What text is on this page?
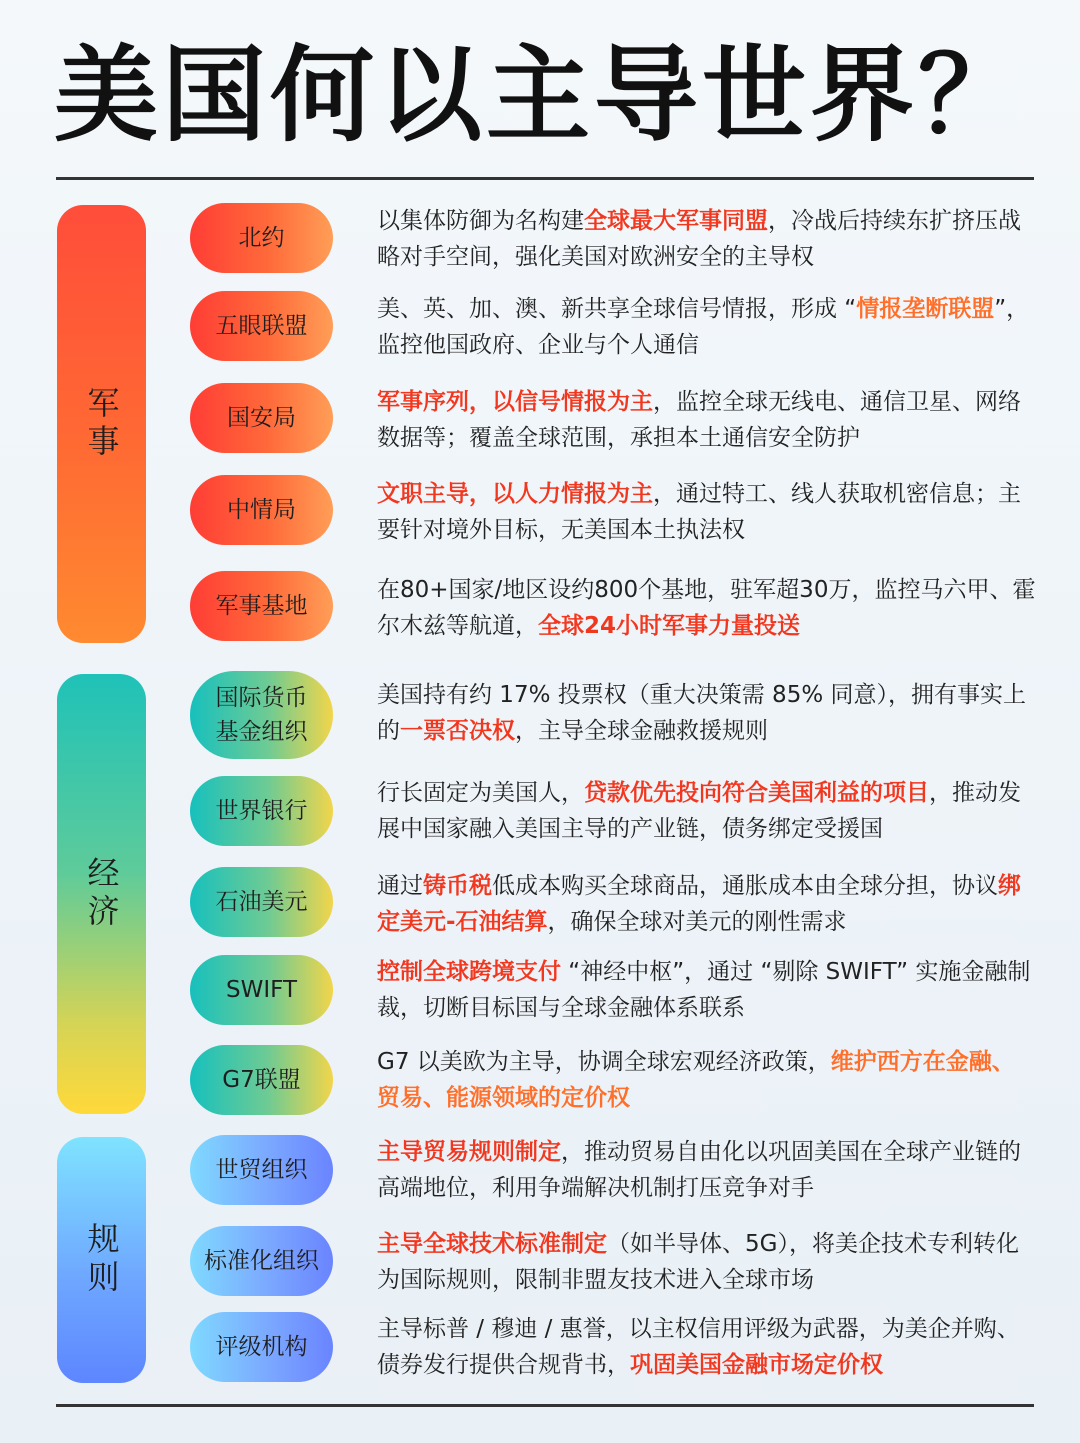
美国何以主导世界？
军事
经济
规则
北约
以集体防御为名构建全球最大军事同盟，冷战后持续东扩挤压战略对手空间，强化美国对欧洲安全的主导权
五眼联盟
美、英、加、澳、新共享全球信号情报，形成 “情报垄断联盟”，监控他国政府、企业与个人通信
国安局
军事序列，以信号情报为主，监控全球无线电、通信卫星、网络数据等；覆盖全球范围，承担本土通信安全防护
中情局
文职主导，以人力情报为主，通过特工、线人获取机密信息；主要针对境外目标，无美国本土执法权
军事基地
在80+国家/地区设约800个基地，驻军超30万，监控马六甲、霍尔木兹等航道，全球24小时军事力量投送
国际货币基金组织
美国持有约 17% 投票权（重大决策需 85% 同意），拥有事实上的一票否决权，主导全球金融救援规则
世界银行
行长固定为美国人，贷款优先投向符合美国利益的项目，推动发展中国家融入美国主导的产业链，债务绑定受援国
石油美元
通过铸币税低成本购买全球商品，通胀成本由全球分担，协议绑定美元-石油结算，确保全球对美元的刚性需求
SWIFT
控制全球跨境支付 “神经中枢”，通过 “剔除 SWIFT” 实施金融制裁，切断目标国与全球金融体系联系
G7联盟
G7 以美欧为主导，协调全球宏观经济政策，维护西方在金融、贸易、能源领域的定价权
世贸组织
主导贸易规则制定，推动贸易自由化以巩固美国在全球产业链的高端地位，利用争端解决机制打压竞争对手
标准化组织
主导全球技术标准制定（如半导体、5G），将美企技术专利转化为国际规则，限制非盟友技术进入全球市场
评级机构
主导标普 / 穆迪 / 惠誉，以主权信用评级为武器，为美企并购、债券发行提供合规背书，巩固美国金融市场定价权
